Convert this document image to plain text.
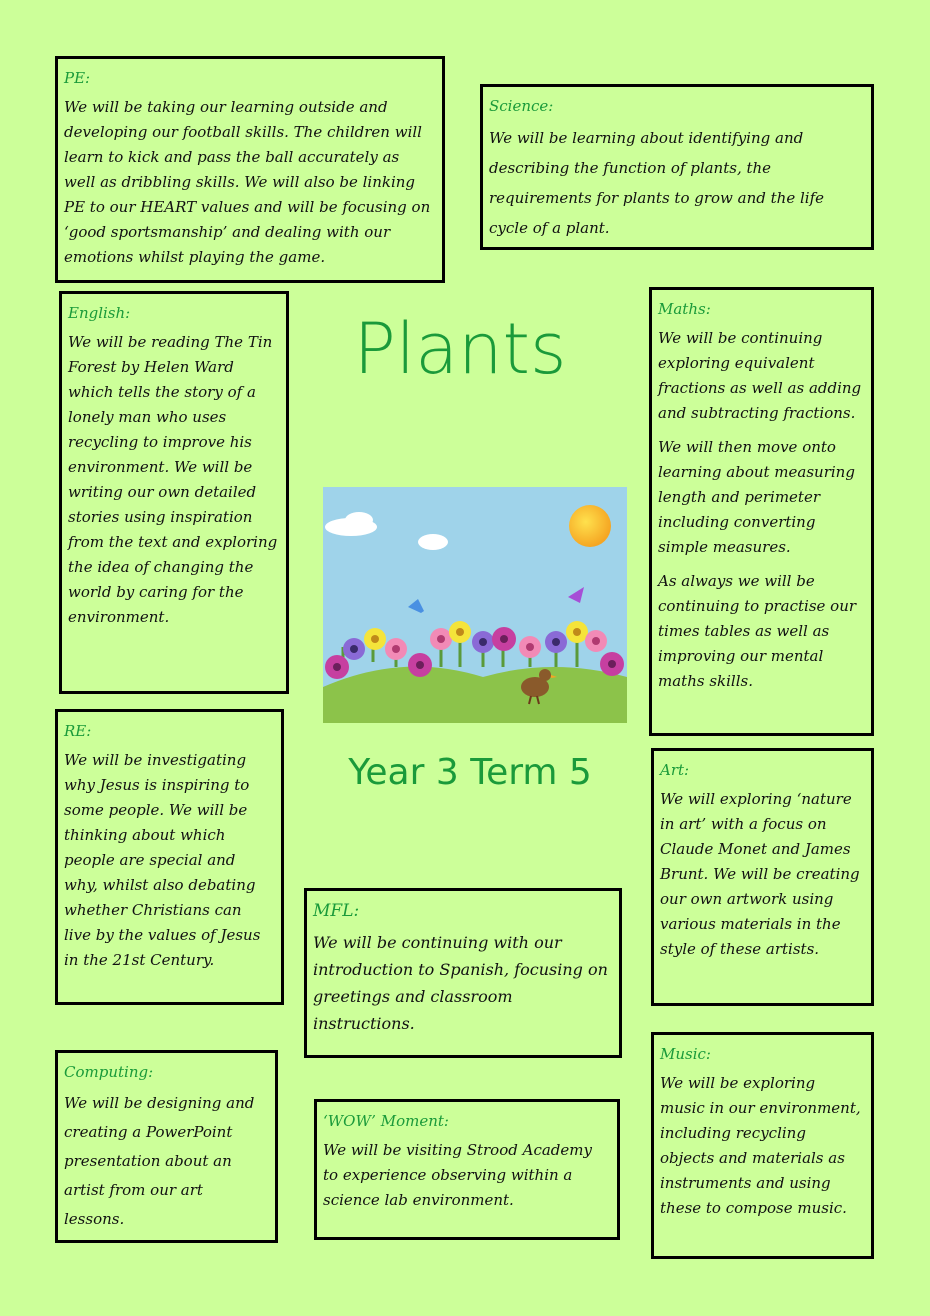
Plants
PE:
We will be taking our learning outside and developing our football skills. The children will learn to kick and pass the ball accurately as well as dribbling skills. We will also be linking PE to our HEART values and will be focusing on ‘good sportsmanship’ and dealing with our emotions whilst playing the game.
Science:
We will be learning about identifying and describing the function of plants, the requirements for plants to grow and the life cycle of a plant.
English:
We will be reading The Tin Forest by Helen Ward which tells the story of a lonely man who uses recycling to improve his environment. We will be writing our own detailed stories using inspiration from the text and exploring the idea of changing the world by caring for the environment.
Maths:

We will be continuing exploring equivalent fractions as well as adding and subtracting fractions.

We will then move onto learning about measuring length and perimeter including converting simple measures.

As always we will be continuing to practise our times tables as well as improving our mental maths skills.

Year 3 Term 5
RE:
We will be investigating why Jesus is inspiring to some people. We will be thinking about which people are special and why, whilst also debating whether Christians can live by the values of Jesus in the 21st Century.
Art:
We will exploring ‘nature in art’ with a focus on Claude Monet and James Brunt. We will be creating our own artwork using various materials in the style of these artists.
MFL:
We will be continuing with our introduction to Spanish, focusing on greetings and classroom instructions.
Computing:
We will be designing and creating a PowerPoint presentation about an artist from our art lessons.
‘WOW’ Moment:
We will be visiting Strood Academy to experience observing within a science lab environment.
Music:
We will be exploring music in our environment, including recycling objects and materials as instruments and using these to compose music.
